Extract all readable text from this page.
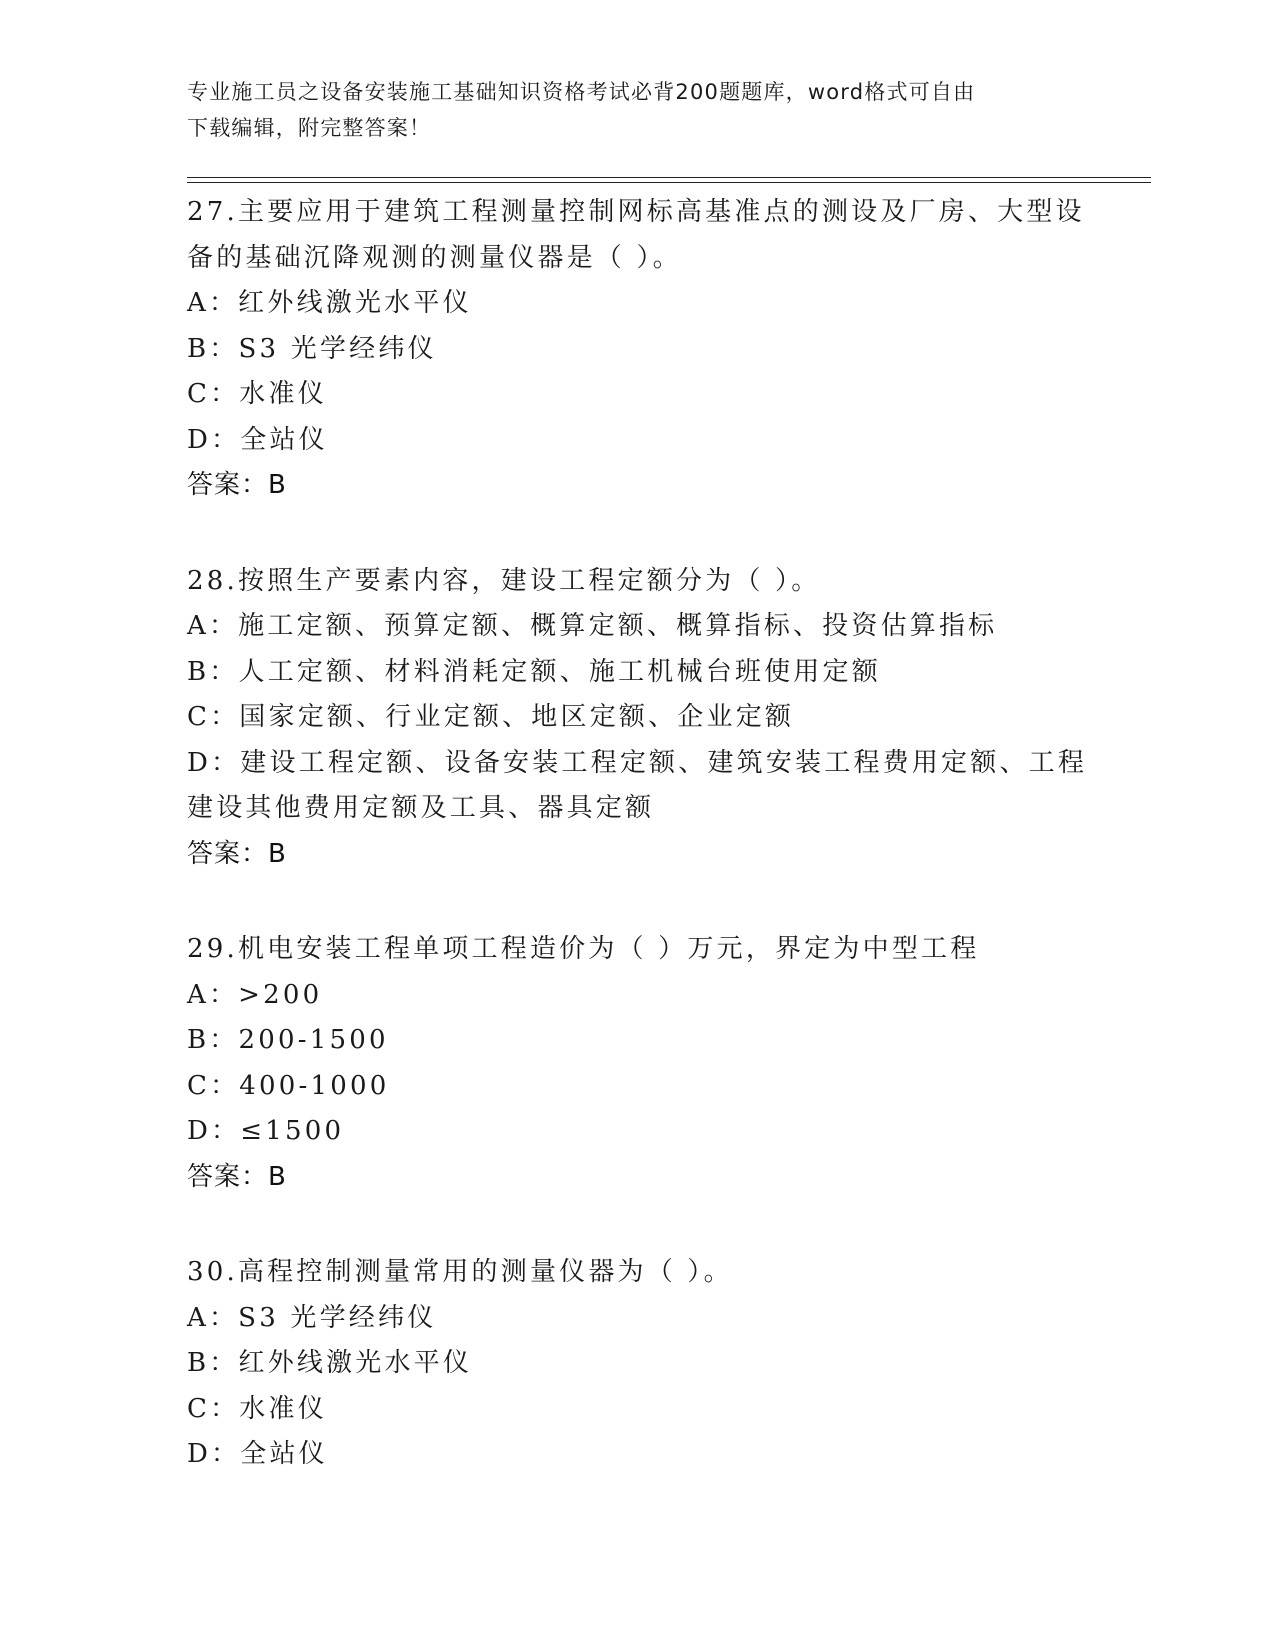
专业施工员之设备安装施工基础知识资格考试必背200题题库，word格式可自由
下载编辑，附完整答案！
27.主要应用于建筑工程测量控制网标高基准点的测设及厂房、大型设
备的基础沉降观测的测量仪器是（ ）。
A：红外线激光水平仪
B：S3 光学经纬仪
C：水准仪
D：全站仪
答案：B
28.按照生产要素内容，建设工程定额分为（ ）。
A：施工定额、预算定额、概算定额、概算指标、投资估算指标
B：人工定额、材料消耗定额、施工机械台班使用定额
C：国家定额、行业定额、地区定额、企业定额
D：建设工程定额、设备安装工程定额、建筑安装工程费用定额、工程
建设其他费用定额及工具、器具定额
答案：B
29.机电安装工程单项工程造价为（ ）万元，界定为中型工程
A：>200
B：200-1500
C：400-1000
D：≤1500
答案：B
30.高程控制测量常用的测量仪器为（ ）。
A：S3 光学经纬仪
B：红外线激光水平仪
C：水准仪
D：全站仪
